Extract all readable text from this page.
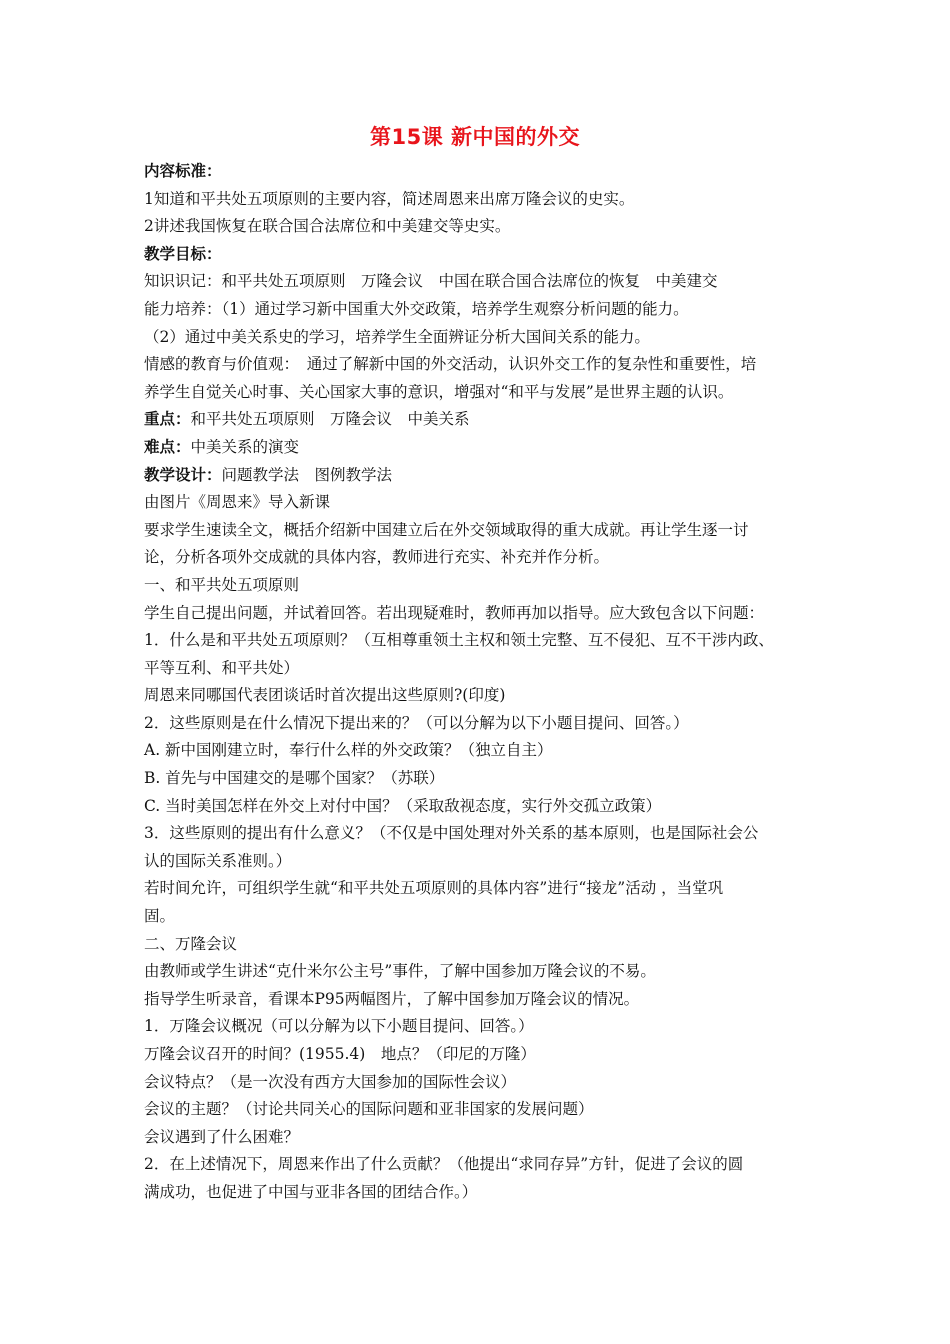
第15课 新中国的外交
内容标准：
1知道和平共处五项原则的主要内容，简述周恩来出席万隆会议的史实。
2讲述我国恢复在联合国合法席位和中美建交等史实。
教学目标：
知识识记：和平共处五项原则　万隆会议　中国在联合国合法席位的恢复　中美建交
能力培养：（1）通过学习新中国重大外交政策，培养学生观察分析问题的能力。
（2）通过中美关系史的学习，培养学生全面辨证分析大国间关系的能力。
情感的教育与价值观：　通过了解新中国的外交活动，认识外交工作的复杂性和重要性，培
养学生自觉关心时事、关心国家大事的意识，增强对“和平与发展”是世界主题的认识。
重点：和平共处五项原则　万隆会议　中美关系
难点：中美关系的演变
教学设计：问题教学法　图例教学法
由图片《周恩来》导入新课
要求学生速读全文，概括介绍新中国建立后在外交领域取得的重大成就。再让学生逐一讨
论，分析各项外交成就的具体内容，教师进行充实、补充并作分析。
一、和平共处五项原则
学生自己提出问题，并试着回答。若出现疑难时，教师再加以指导。应大致包含以下问题：
1．什么是和平共处五项原则？（互相尊重领土主权和领土完整、互不侵犯、互不干涉内政、
平等互利、和平共处）
周恩来同哪国代表团谈话时首次提出这些原则?(印度)
2．这些原则是在什么情况下提出来的？（可以分解为以下小题目提问、回答。）
A. 新中国刚建立时，奉行什么样的外交政策？（独立自主）
B. 首先与中国建交的是哪个国家？（苏联）
C. 当时美国怎样在外交上对付中国？（采取敌视态度，实行外交孤立政策）
3．这些原则的提出有什么意义？（不仅是中国处理对外关系的基本原则，也是国际社会公
认的国际关系准则。）
若时间允许，可组织学生就“和平共处五项原则的具体内容”进行“接龙”活动 ，当堂巩
固。
二、万隆会议
由教师或学生讲述“克什米尔公主号”事件，了解中国参加万隆会议的不易。
指导学生听录音，看课本P95两幅图片，了解中国参加万隆会议的情况。
1．万隆会议概况（可以分解为以下小题目提问、回答。）
万隆会议召开的时间？(1955.4)　地点？（印尼的万隆）
会议特点？（是一次没有西方大国参加的国际性会议）
会议的主题？（讨论共同关心的国际问题和亚非国家的发展问题）
会议遇到了什么困难？
2．在上述情况下，周恩来作出了什么贡献？（他提出“求同存异”方针，促进了会议的圆
满成功，也促进了中国与亚非各国的团结合作。）
